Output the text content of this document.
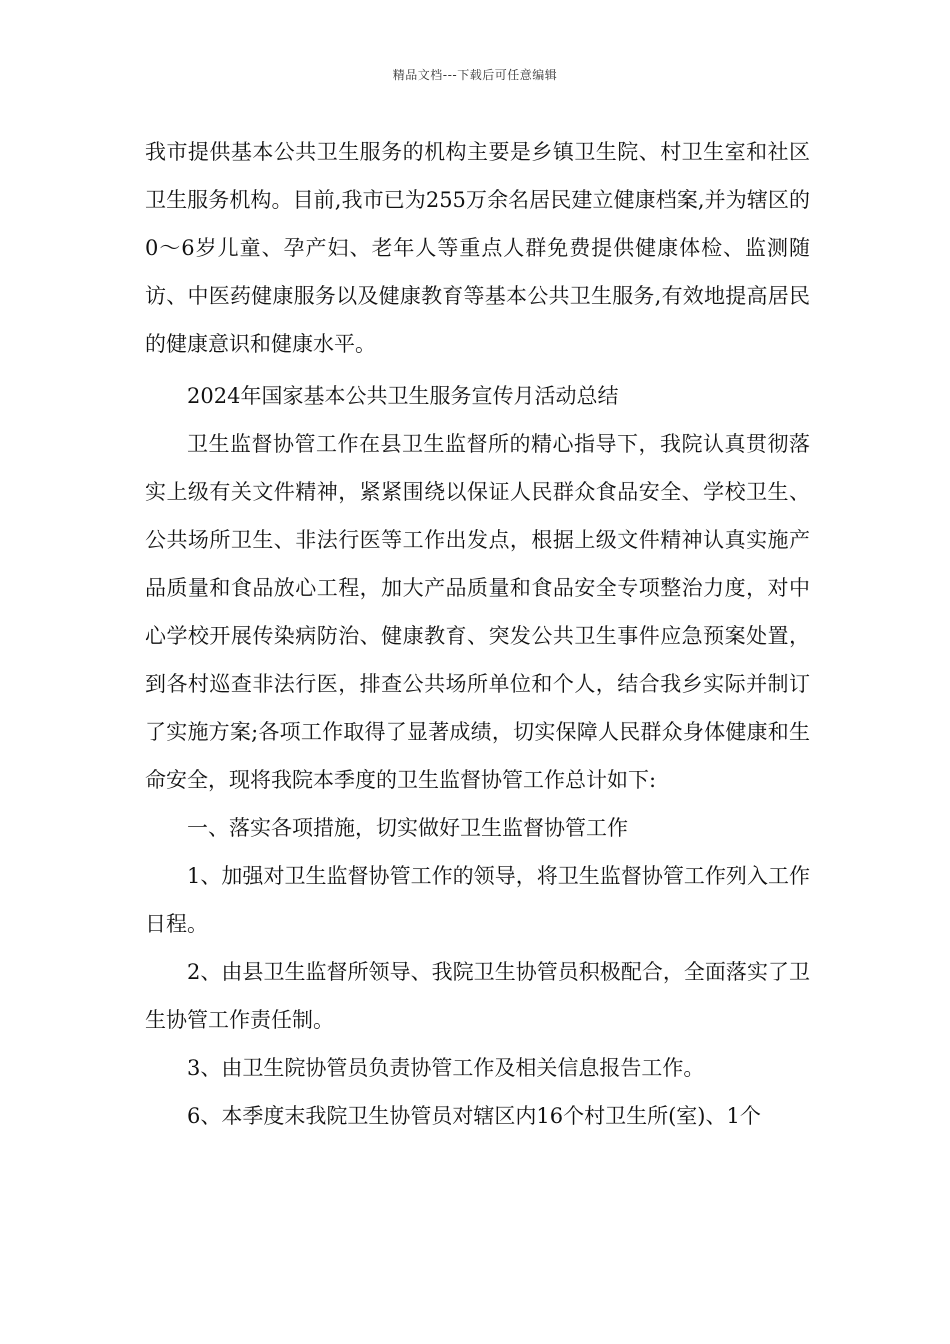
精品文档---下载后可任意编辑

我市提供基本公共卫生服务的机构主要是乡镇卫生院、村卫生室和社区卫生服务机构。目前,我市已为255万余名居民建立健康档案,并为辖区的0～6岁儿童、孕产妇、老年人等重点人群免费提供健康体检、监测随访、中医药健康服务以及健康教育等基本公共卫生服务,有效地提高居民的健康意识和健康水平。

2024年国家基本公共卫生服务宣传月活动总结

卫生监督协管工作在县卫生监督所的精心指导下，我院认真贯彻落实上级有关文件精神，紧紧围绕以保证人民群众食品安全、学校卫生、公共场所卫生、非法行医等工作出发点，根据上级文件精神认真实施产品质量和食品放心工程，加大产品质量和食品安全专项整治力度，对中心学校开展传染病防治、健康教育、突发公共卫生事件应急预案处置，到各村巡查非法行医，排查公共场所单位和个人，结合我乡实际并制订了实施方案;各项工作取得了显著成绩，切实保障人民群众身体健康和生命安全，现将我院本季度的卫生监督协管工作总计如下:

一、落实各项措施，切实做好卫生监督协管工作

1、加强对卫生监督协管工作的领导，将卫生监督协管工作列入工作日程。

2、由县卫生监督所领导、我院卫生协管员积极配合，全面落实了卫生协管工作责任制。

3、由卫生院协管员负责协管工作及相关信息报告工作。

6、本季度末我院卫生协管员对辖区内16个村卫生所(室)、1个
